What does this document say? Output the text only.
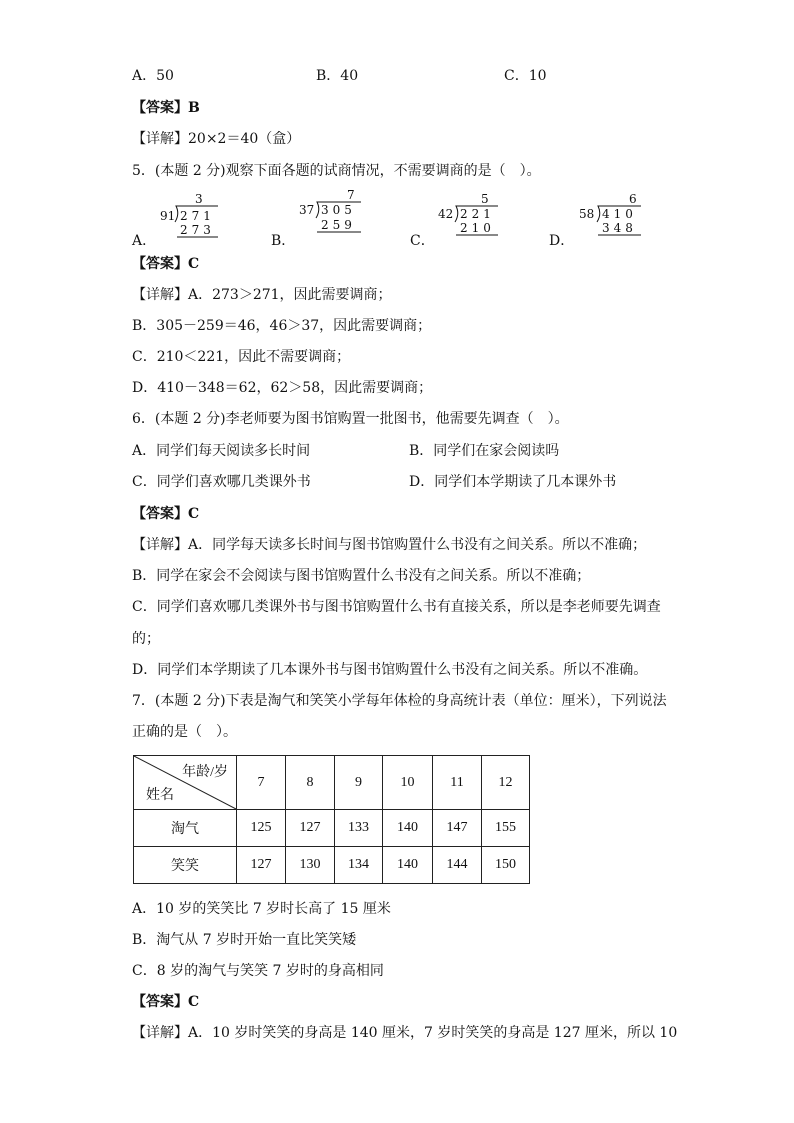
A．50	B．40	C．10
【答案】B
【详解】20×2＝40（盒）
5．(本题 2 分)观察下面各题的试商情况，不需要调商的是（　）。
A．
3
91 271
273
B．
7
37 305
259
C．
5
42 221
210
D．
6
58 410
348
【答案】C
【详解】A．273＞271，因此需要调商；
B．305－259＝46，46＞37，因此需要调商；
C．210＜221，因此不需要调商；
D．410－348＝62，62＞58，因此需要调商；
6．(本题 2 分)李老师要为图书馆购置一批图书，他需要先调查（　）。
A．同学们每天阅读多长时间	B．同学们在家会阅读吗
C．同学们喜欢哪几类课外书	D．同学们本学期读了几本课外书
【答案】C
【详解】A．同学每天读多长时间与图书馆购置什么书没有之间关系。所以不准确；
B．同学在家会不会阅读与图书馆购置什么书没有之间关系。所以不准确；
C．同学们喜欢哪几类课外书与图书馆购置什么书有直接关系，所以是李老师要先调查
的；
D．同学们本学期读了几本课外书与图书馆购置什么书没有之间关系。所以不准确。
7．(本题 2 分)下表是淘气和笑笑小学每年体检的身高统计表（单位：厘米），下列说法
正确的是（　）。
年龄/岁
姓名	7	8	9	10	11	12
淘气	125	127	133	140	147	155
笑笑	127	130	134	140	144	150
A．10 岁的笑笑比 7 岁时长高了 15 厘米
B．淘气从 7 岁时开始一直比笑笑矮
C．8 岁的淘气与笑笑 7 岁时的身高相同
【答案】C
【详解】A．10 岁时笑笑的身高是 140 厘米，7 岁时笑笑的身高是 127 厘米，所以 10
